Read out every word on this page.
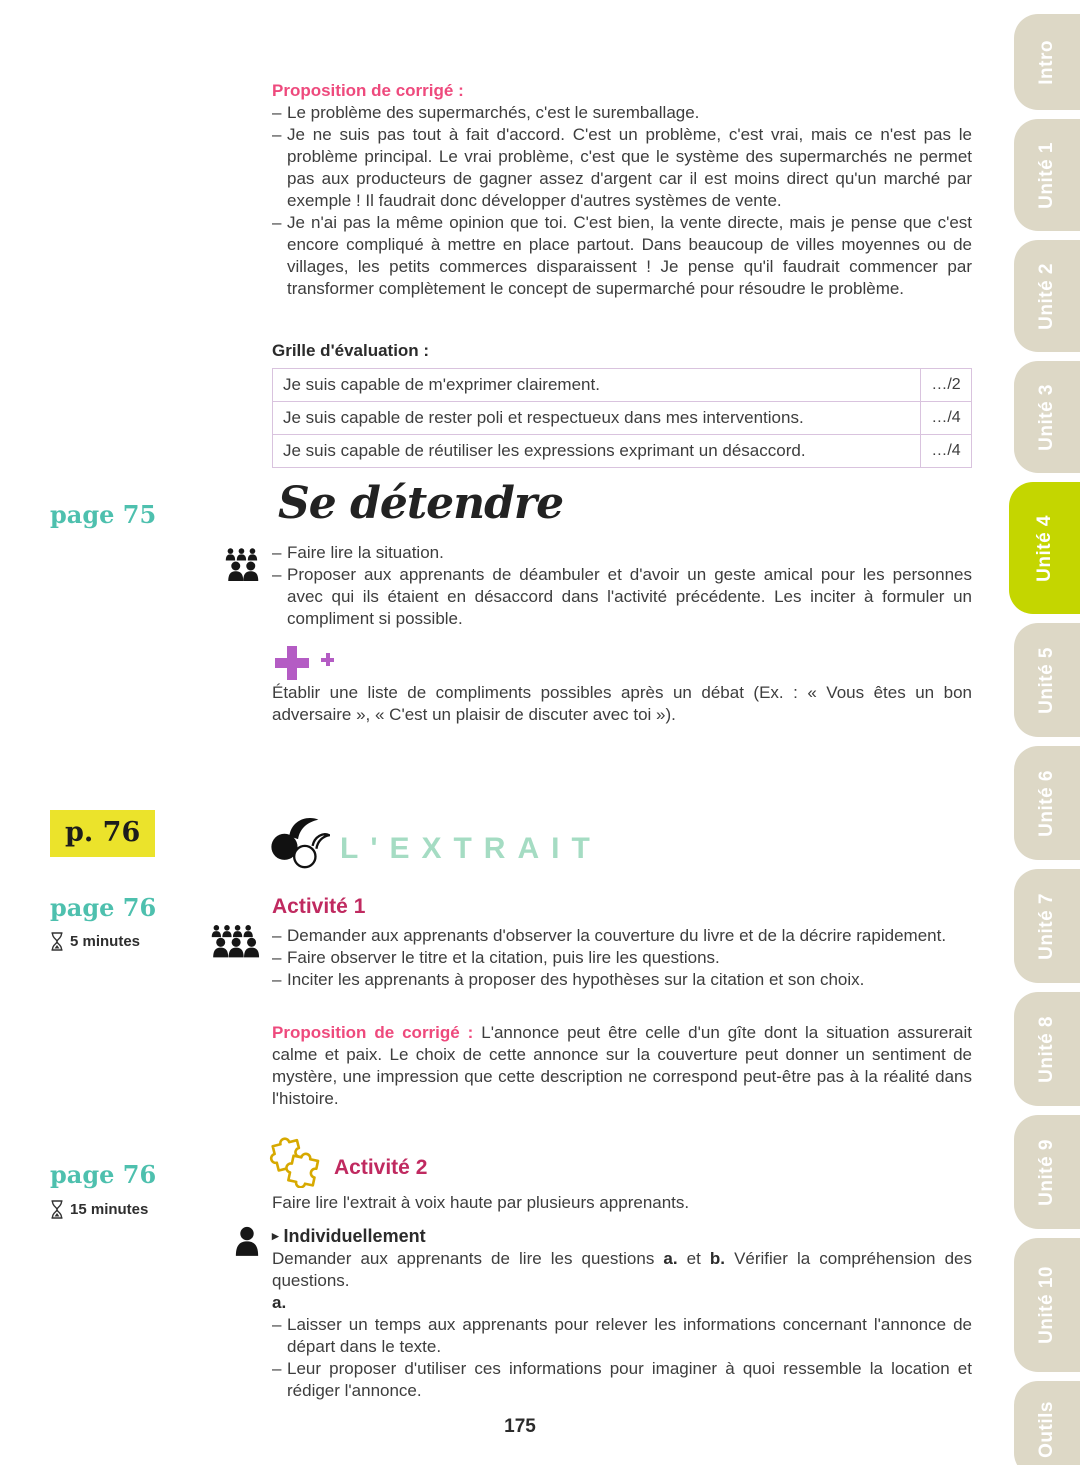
Intro
Unité 1
Unité 2
Unité 3
Unité 4
Unité 5
Unité 6
Unité 7
Unité 8
Unité 9
Unité 10
Outils
Proposition de corrigé :
– Le problème des supermarchés, c'est le suremballage.
– Je ne suis pas tout à fait d'accord. C'est un problème, c'est vrai, mais ce n'est pas le problème principal. Le vrai problème, c'est que le système des supermarchés ne permet pas aux producteurs de gagner assez d'argent car il est moins direct qu'un marché par exemple ! Il faudrait donc développer d'autres systèmes de vente.
– Je n'ai pas la même opinion que toi. C'est bien, la vente directe, mais je pense que c'est encore compliqué à mettre en place partout. Dans beaucoup de villes moyennes ou de villages, les petits commerces disparaissent ! Je pense qu'il faudrait commencer par transformer complètement le concept de supermarché pour résoudre le problème.
Grille d'évaluation :
Je suis capable de m'exprimer clairement.	…/2
Je suis capable de rester poli et respectueux dans mes interventions.	…/4
Je suis capable de réutiliser les expressions exprimant un désaccord.	…/4
page 75	Se détendre
– Faire lire la situation.
– Proposer aux apprenants de déambuler et d'avoir un geste amical pour les personnes avec qui ils étaient en désaccord dans l'activité précédente. Les inciter à formuler un compliment si possible.
Établir une liste de compliments possibles après un débat (Ex. : « Vous êtes un bon adversaire », « C'est un plaisir de discuter avec toi »).
p. 76	L'EXTRAIT
page 76
5 minutes
Activité 1
– Demander aux apprenants d'observer la couverture du livre et de la décrire rapidement.
– Faire observer le titre et la citation, puis lire les questions.
– Inciter les apprenants à proposer des hypothèses sur la citation et son choix.
Proposition de corrigé : L'annonce peut être celle d'un gîte dont la situation assurerait calme et paix. Le choix de cette annonce sur la couverture peut donner un sentiment de mystère, une impression que cette description ne correspond peut-être pas à la réalité dans l'histoire.
page 76
15 minutes
Activité 2
Faire lire l'extrait à voix haute par plusieurs apprenants.
▸ Individuellement
Demander aux apprenants de lire les questions a. et b. Vérifier la compréhension des questions.
a.
– Laisser un temps aux apprenants pour relever les informations concernant l'annonce de départ dans le texte.
– Leur proposer d'utiliser ces informations pour imaginer à quoi ressemble la location et rédiger l'annonce.
175
